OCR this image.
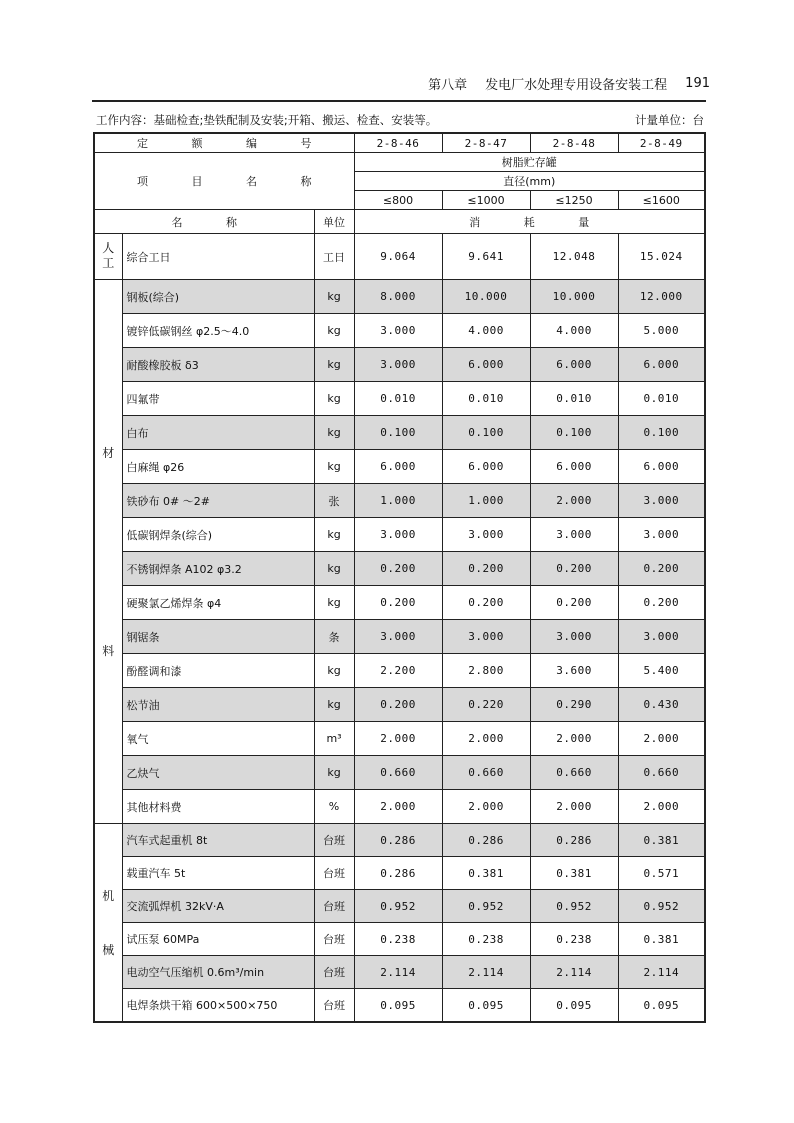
第八章 发电厂水处理专用设备安装工程 191
工作内容：基础检查;垫铁配制及安装;开箱、搬运、检查、安装等。	计量单位：台
定 额 编 号			2-8-46	2-8-47	2-8-48	2-8-49
项 目 名 称			树脂贮存罐			
			直径(mm)			
			≤800	≤1000	≤1250	≤1600
名 称		单位	消 耗 量			
人工	综合工日	工日	9.064	9.641	12.048	15.024

材
料	钢板(综合)	kg	8.000	10.000	10.000	12.000
	镀锌低碳钢丝 φ2.5～4.0	kg	3.000	4.000	4.000	5.000
	耐酸橡胶板 δ3	kg	3.000	6.000	6.000	6.000
	四氟带	kg	0.010	0.010	0.010	0.010
	白布	kg	0.100	0.100	0.100	0.100
	白麻绳 φ26	kg	6.000	6.000	6.000	6.000
	铁砂布 0# ～2#	张	1.000	1.000	2.000	3.000
	低碳钢焊条(综合)	kg	3.000	3.000	3.000	3.000
	不锈钢焊条 A102 φ3.2	kg	0.200	0.200	0.200	0.200
	硬聚氯乙烯焊条 φ4	kg	0.200	0.200	0.200	0.200
	钢锯条	条	3.000	3.000	3.000	3.000
	酚醛调和漆	kg	2.200	2.800	3.600	5.400
	松节油	kg	0.200	0.220	0.290	0.430
	氧气	m³	2.000	2.000	2.000	2.000
	乙炔气	kg	0.660	0.660	0.660	0.660
	其他材料费	%	2.000	2.000	2.000	2.000

机
械	汽车式起重机 8t	台班	0.286	0.286	0.286	0.381
	载重汽车 5t	台班	0.286	0.381	0.381	0.571
	交流弧焊机 32kV·A	台班	0.952	0.952	0.952	0.952
	试压泵 60MPa	台班	0.238	0.238	0.238	0.381
	电动空气压缩机 0.6m³/min	台班	2.114	2.114	2.114	2.114
	电焊条烘干箱 600×500×750	台班	0.095	0.095	0.095	0.095
